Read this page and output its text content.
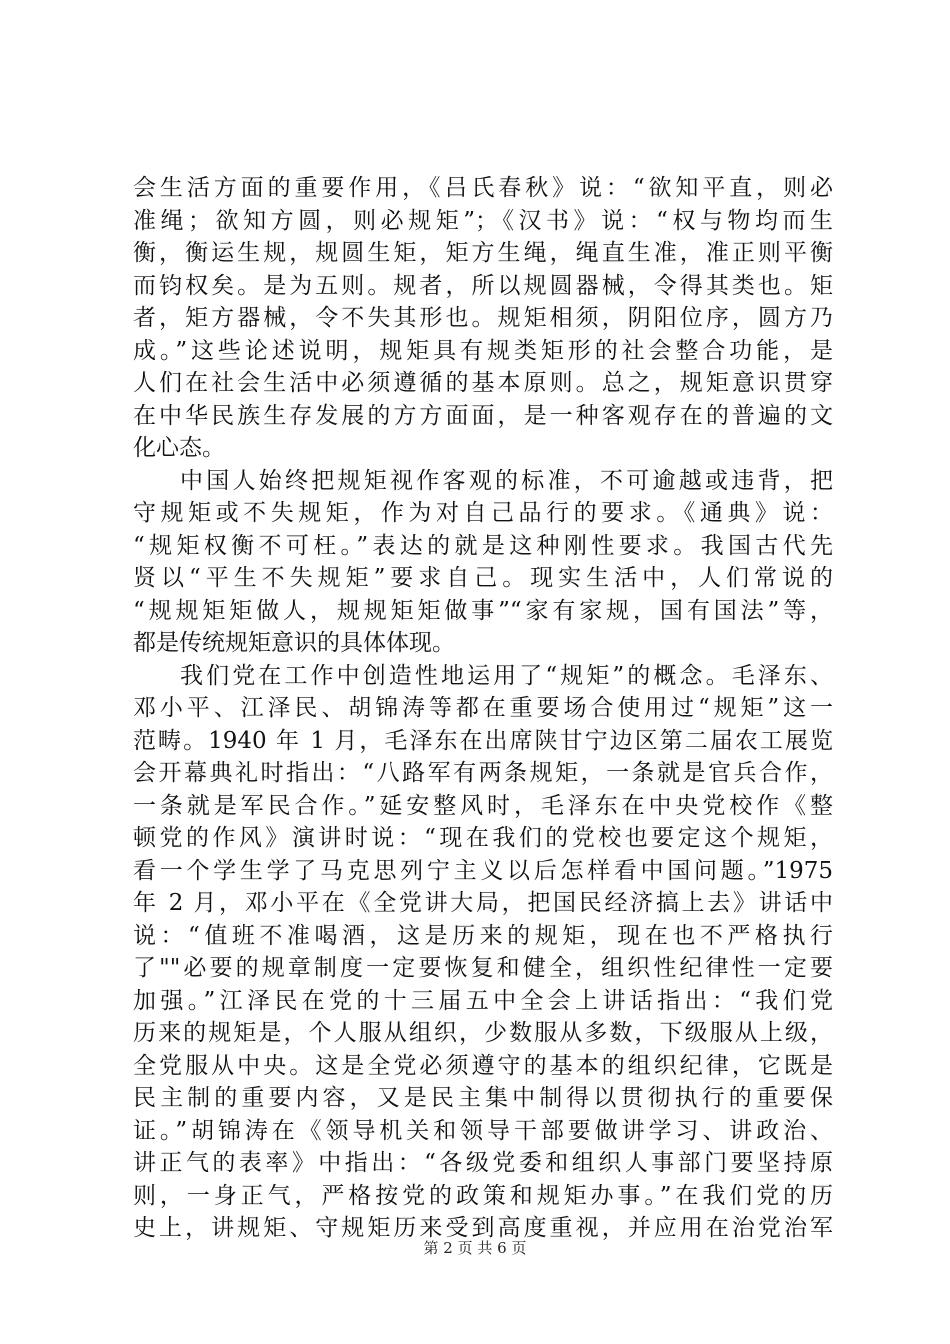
会生活方面的重要作用，《吕氏春秋》说：“欲知平直，则必
准绳；欲知方圆，则必规矩”；《汉书》说：“权与物均而生
衡，衡运生规，规圆生矩，矩方生绳，绳直生准，准正则平衡
而钧权矣。是为五则。规者，所以规圆器械，令得其类也。矩
者，矩方器械，令不失其形也。规矩相须，阴阳位序，圆方乃
成。”这些论述说明，规矩具有规类矩形的社会整合功能，是
人们在社会生活中必须遵循的基本原则。总之，规矩意识贯穿
在中华民族生存发展的方方面面，是一种客观存在的普遍的文
化心态。
中国人始终把规矩视作客观的标准，不可逾越或违背，把
守规矩或不失规矩，作为对自己品行的要求。《通典》说：
“规矩权衡不可枉。”表达的就是这种刚性要求。我国古代先
贤以“平生不失规矩”要求自己。现实生活中，人们常说的
“规规矩矩做人，规规矩矩做事”“家有家规，国有国法”等，
都是传统规矩意识的具体体现。
我们党在工作中创造性地运用了“规矩”的概念。毛泽东、
邓小平、江泽民、胡锦涛等都在重要场合使用过“规矩”这一
范畴。1940 年 1 月，毛泽东在出席陕甘宁边区第二届农工展览
会开幕典礼时指出：“八路军有两条规矩，一条就是官兵合作，
一条就是军民合作。”延安整风时，毛泽东在中央党校作《整
顿党的作风》演讲时说：“现在我们的党校也要定这个规矩，
看一个学生学了马克思列宁主义以后怎样看中国问题。”1975
年 2 月，邓小平在《全党讲大局，把国民经济搞上去》讲话中
说：“值班不准喝酒，这是历来的规矩，现在也不严格执行
了""必要的规章制度一定要恢复和健全，组织性纪律性一定要
加强。”江泽民在党的十三届五中全会上讲话指出：“我们党
历来的规矩是，个人服从组织，少数服从多数，下级服从上级，
全党服从中央。这是全党必须遵守的基本的组织纪律，它既是
民主制的重要内容，又是民主集中制得以贯彻执行的重要保
证。”胡锦涛在《领导机关和领导干部要做讲学习、讲政治、
讲正气的表率》中指出：“各级党委和组织人事部门要坚持原
则，一身正气，严格按党的政策和规矩办事。”在我们党的历
史上，讲规矩、守规矩历来受到高度重视，并应用在治党治军
第 2 页 共 6 页
